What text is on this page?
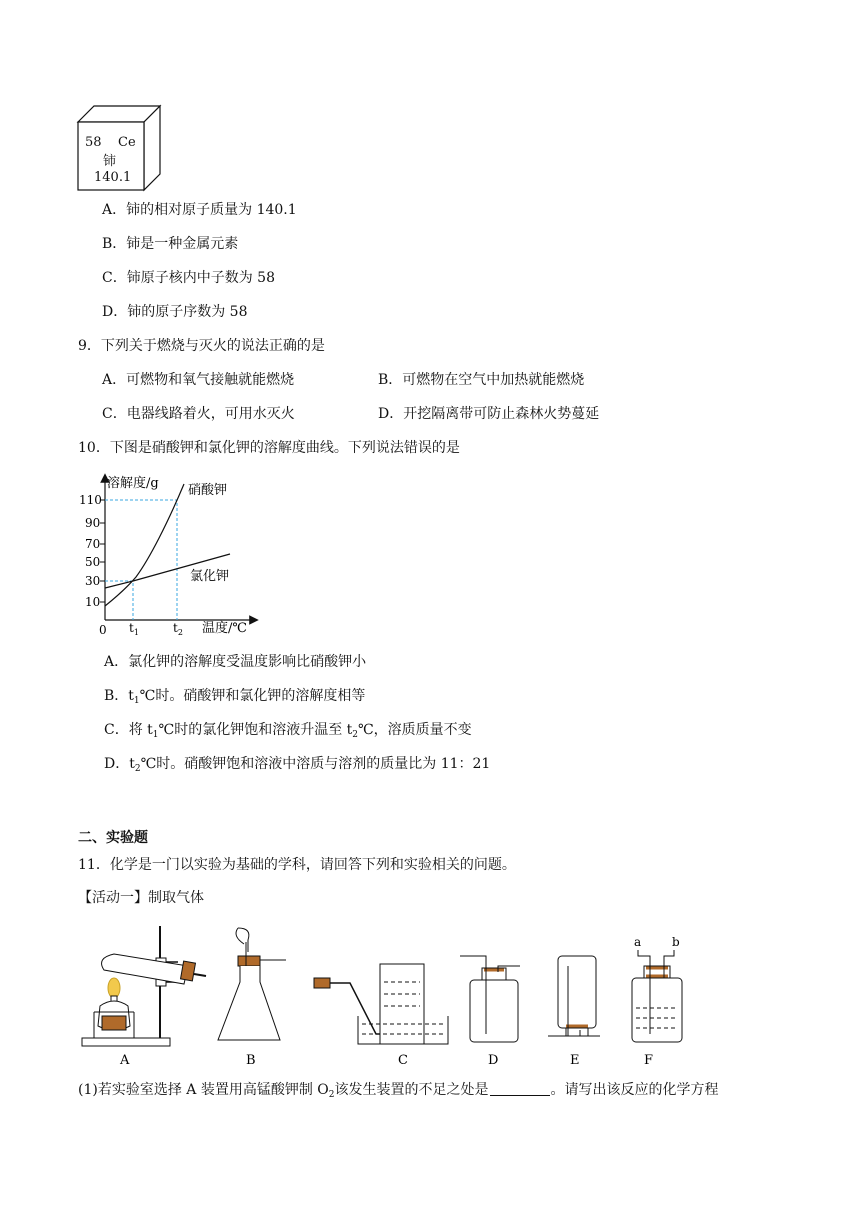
58 Ce
铈
140.1
A．铈的相对原子质量为 140.1
B．铈是一种金属元素
C．铈原子核内中子数为 58
D．铈的原子序数为 58
9．下列关于燃烧与灭火的说法正确的是
A．可燃物和氧气接触就能燃烧	B．可燃物在空气中加热就能燃烧
C．电器线路着火，可用水灭火	D．开挖隔离带可防止森林火势蔓延
10．下图是硝酸钾和氯化钾的溶解度曲线。下列说法错误的是
110
90
70
50
30
10
0 $t_1$	$t_2$
溶解度/g
温度/℃
硝酸钾
氯化钾
A．氯化钾的溶解度受温度影响比硝酸钾小
B．$t_1℃$时。硝酸钾和氯化钾的溶解度相等
C．将 $t_1℃$时的氯化钾饱和溶液升温至 $t_2℃$，溶质质量不变
D．$t_2℃$时。硝酸钾饱和溶液中溶质与溶剂的质量比为 11：21
二、实验题
11．化学是一门以实验为基础的学科，请回答下列和实验相关的问题。
【活动一】制取气体
A	B	C	D	E	F
a	b
(1)若实验室选择 A 装置用高锰酸钾制 $O_2$该发生装置的不足之处是	。请写出该反应的化学方程
